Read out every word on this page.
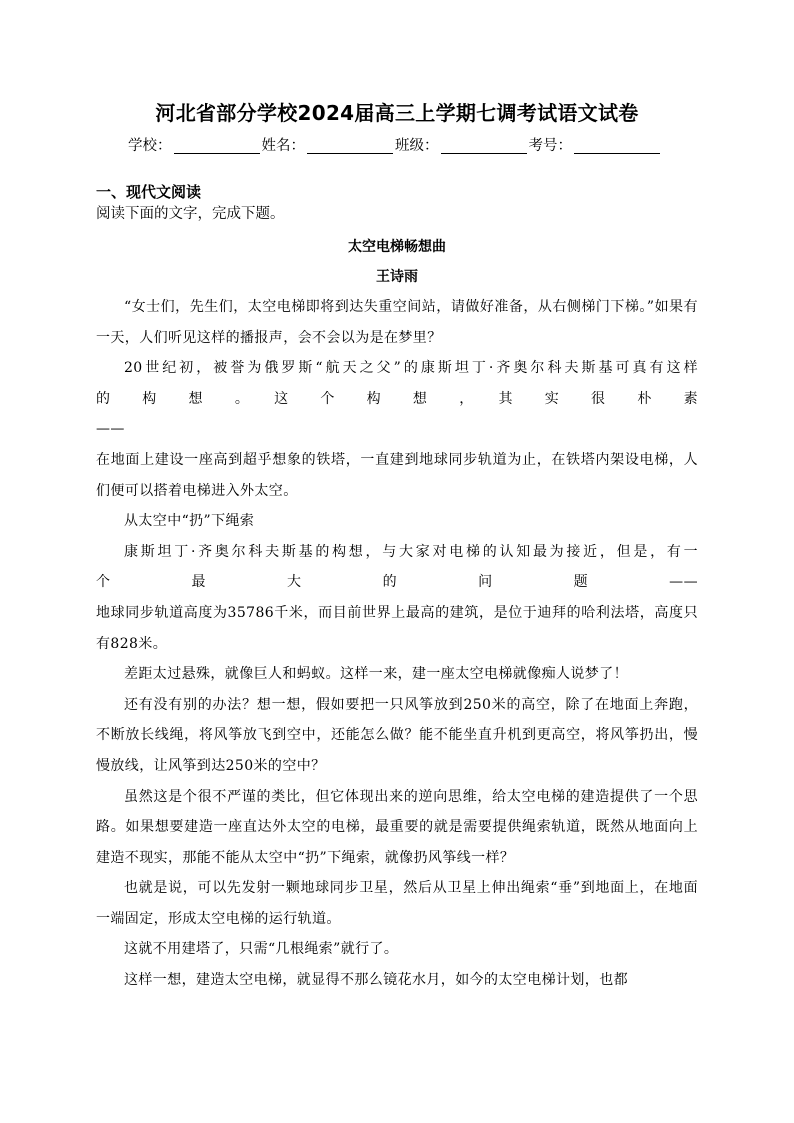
河北省部分学校2024届高三上学期七调考试语文试卷
学校：	姓名：	班级：	考号：
一、现代文阅读
阅读下面的文字，完成下题。
太空电梯畅想曲
王诗雨

“女士们，先生们，太空电梯即将到达失重空间站，请做好准备，从右侧梯门下梯。”如果有一天，人们听见这样的播报声，会不会以为是在梦里？

20世纪初，被誉为俄罗斯“航天之父”的康斯坦丁·齐奥尔科夫斯基可真有这样

的　　构　　想　　。　　这　　个　　构　　想　　，　　其　　实　　很　　朴　　素　　——

在地面上建设一座高到超乎想象的铁塔，一直建到地球同步轨道为止，在铁塔内架设电梯，人们便可以搭着电梯进入外太空。

从太空中“扔”下绳索

康斯坦丁·齐奥尔科夫斯基的构想，与大家对电梯的认知最为接近，但是，有一

个　　　　最　　　　大　　　　的　　　　问　　　　题　　　　——

地球同步轨道高度为35786千米，而目前世界上最高的建筑，是位于迪拜的哈利法塔，高度只有828米。

差距太过悬殊，就像巨人和蚂蚁。这样一来，建一座太空电梯就像痴人说梦了！

还有没有别的办法？想一想，假如要把一只风筝放到250米的高空，除了在地面上奔跑，不断放长线绳，将风筝放飞到空中，还能怎么做？能不能坐直升机到更高空，将风筝扔出，慢慢放线，让风筝到达250米的空中？

虽然这是个很不严谨的类比，但它体现出来的逆向思维，给太空电梯的建造提供了一个思路。如果想要建造一座直达外太空的电梯，最重要的就是需要提供绳索轨道，既然从地面向上建造不现实，那能不能从太空中“扔”下绳索，就像扔风筝线一样？

也就是说，可以先发射一颗地球同步卫星，然后从卫星上伸出绳索“垂”到地面上，在地面一端固定，形成太空电梯的运行轨道。

这就不用建塔了，只需“几根绳索”就行了。

这样一想，建造太空电梯，就显得不那么镜花水月，如今的太空电梯计划，也都
